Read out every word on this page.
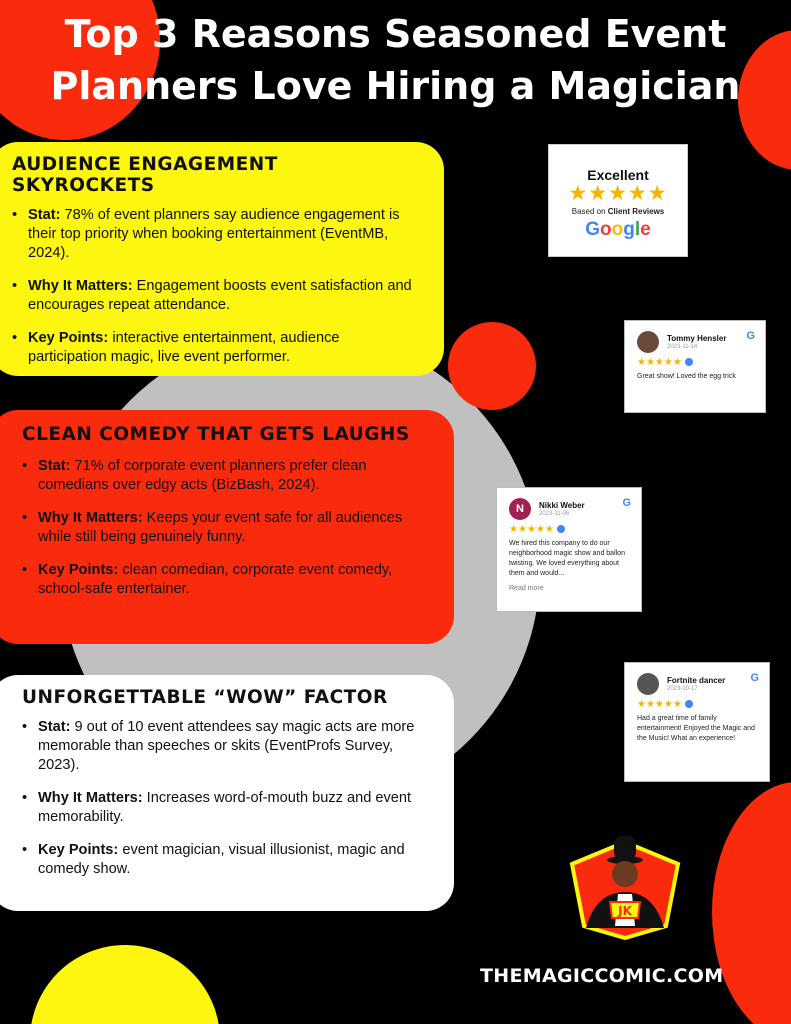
Top 3 Reasons Seasoned Event
Planners Love Hiring a Magician
AUDIENCE ENGAGEMENT SKYROCKETS
• Stat: 78% of event planners say audience engagement is their top priority when booking entertainment (EventMB, 2024).
• Why It Matters: Engagement boosts event satisfaction and encourages repeat attendance.
• Key Points: interactive entertainment, audience participation magic, live event performer.
CLEAN COMEDY THAT GETS LAUGHS
• Stat: 71% of corporate event planners prefer clean comedians over edgy acts (BizBash, 2024).
• Why It Matters: Keeps your event safe for all audiences while still being genuinely funny.
• Key Points: clean comedian, corporate event comedy, school-safe entertainer.
UNFORGETTABLE “WOW” FACTOR
• Stat: 9 out of 10 event attendees say magic acts are more memorable than speeches or skits (EventProfs Survey, 2023).
• Why It Matters: Increases word-of-mouth buzz and event memorability.
• Key Points: event magician, visual illusionist, magic and comedy show.
Excellent
★★★★★
Based on Client Reviews
Google
Tommy Hensler
2023-11-14
G
★★★★★
Great show! Loved the egg trick
N	Nikki Weber
2023-11-06
G
★★★★★
We hired this company to do our neighborhood magic show and ballon twisting. We loved everything about them and would...
Read more
Fortnite dancer
2023-10-17
G
★★★★★
Had a great time of family entertainment! Enjoyed the Magic and the Music! What an experience!
JK
THEMAGICCOMIC.COM
